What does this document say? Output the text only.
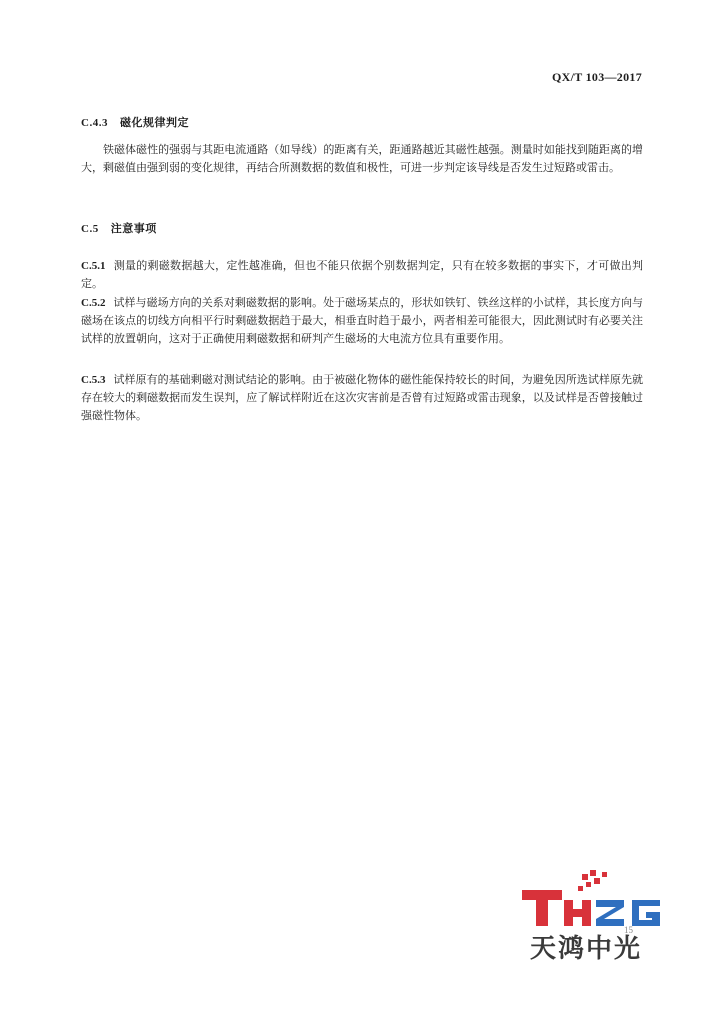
QX/T 103—2017
C.4.3 磁化规律判定

铁磁体磁性的强弱与其距电流通路（如导线）的距离有关，距通路越近其磁性越强。测量时如能找到随距离的增大，剩磁值由强到弱的变化规律，再结合所测数据的数值和极性，可进一步判定该导线是否发生过短路或雷击。

C.5 注意事项

C.5.1 测量的剩磁数据越大，定性越准确，但也不能只依据个别数据判定，只有在较多数据的事实下，才可做出判定。

C.5.2 试样与磁场方向的关系对剩磁数据的影响。处于磁场某点的，形状如铁钉、铁丝这样的小试样，其长度方向与磁场在该点的切线方向相平行时剩磁数据趋于最大，相垂直时趋于最小，两者相差可能很大，因此测试时有必要关注试样的放置朝向，这对于正确使用剩磁数据和研判产生磁场的大电流方位具有重要作用。

C.5.3 试样原有的基础剩磁对测试结论的影响。由于被磁化物体的磁性能保持较长的时间，为避免因所选试样原先就存在较大的剩磁数据而发生误判，应了解试样附近在这次灾害前是否曾有过短路或雷击现象，以及试样是否曾接触过强磁性物体。

天鸿中光
15
